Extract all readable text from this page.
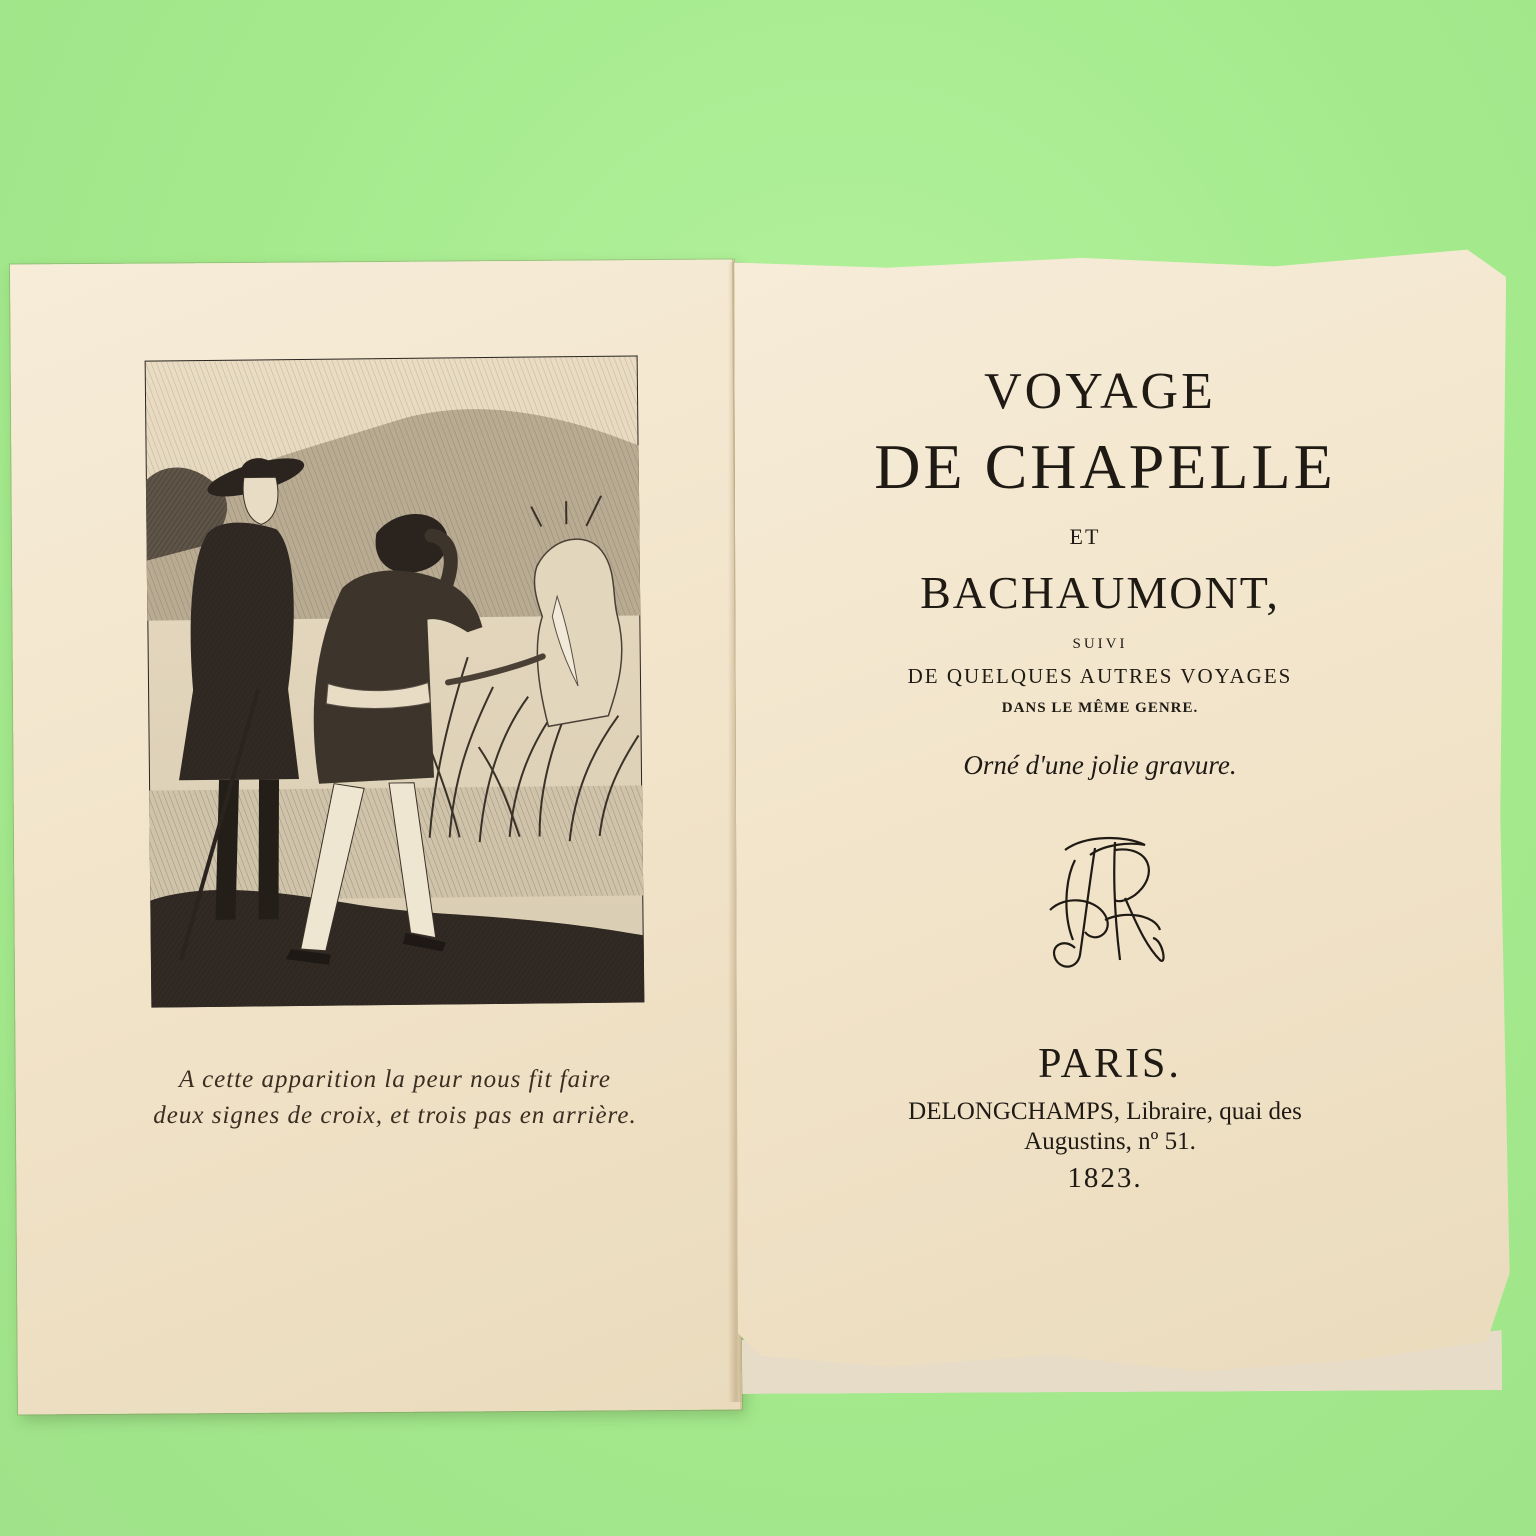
A cette apparition la peur nous fit faire
deux signes de croix, et trois pas en arrière.
VOYAGE
DE CHAPELLE
ET
BACHAUMONT,
SUIVI
DE QUELQUES AUTRES VOYAGES
DANS LE MÊME GENRE.
Orné d'une jolie gravure.
PARIS.
DELONGCHAMPS, Libraire, quai des
Augustins, nº 51.
1823.
